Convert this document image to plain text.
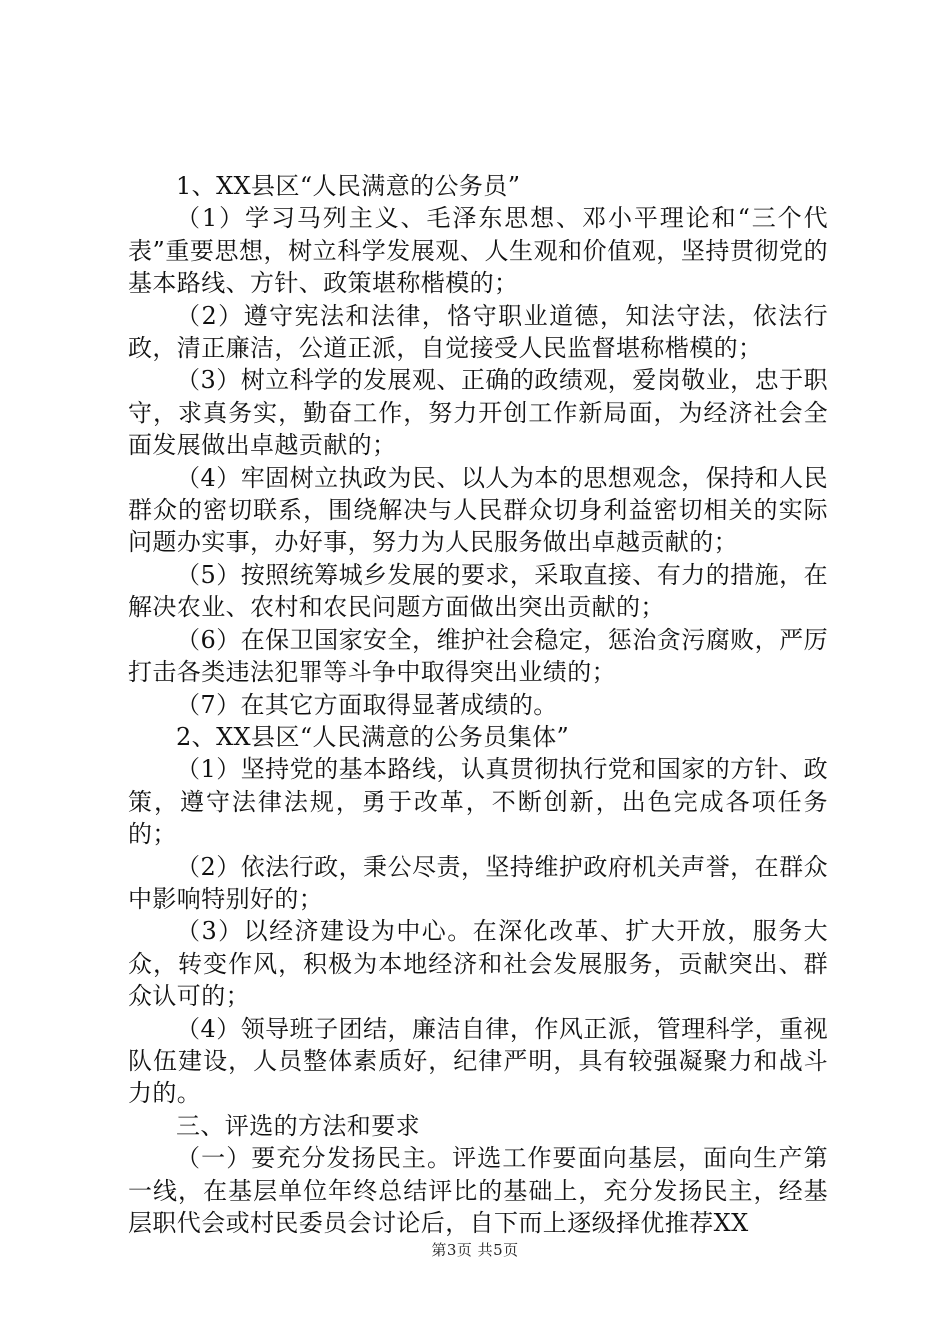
1、XX县区“人民满意的公务员”

（1）学习马列主义、毛泽东思想、邓小平理论和“三个代表”重要思想，树立科学发展观、人生观和价值观，坚持贯彻党的基本路线、方针、政策堪称楷模的；

（2）遵守宪法和法律，恪守职业道德，知法守法，依法行政，清正廉洁，公道正派，自觉接受人民监督堪称楷模的；

（3）树立科学的发展观、正确的政绩观，爱岗敬业，忠于职守，求真务实，勤奋工作，努力开创工作新局面，为经济社会全面发展做出卓越贡献的；

（4）牢固树立执政为民、以人为本的思想观念，保持和人民群众的密切联系，围绕解决与人民群众切身利益密切相关的实际问题办实事，办好事，努力为人民服务做出卓越贡献的；

（5）按照统筹城乡发展的要求，采取直接、有力的措施，在解决农业、农村和农民问题方面做出突出贡献的；

（6）在保卫国家安全，维护社会稳定，惩治贪污腐败，严厉打击各类违法犯罪等斗争中取得突出业绩的；

（7）在其它方面取得显著成绩的。

2、XX县区“人民满意的公务员集体”

（1）坚持党的基本路线，认真贯彻执行党和国家的方针、政策，遵守法律法规，勇于改革，不断创新，出色完成各项任务的；

（2）依法行政，秉公尽责，坚持维护政府机关声誉，在群众中影响特别好的；

（3）以经济建设为中心。在深化改革、扩大开放，服务大众，转变作风，积极为本地经济和社会发展服务，贡献突出、群众认可的；

（4）领导班子团结，廉洁自律，作风正派，管理科学，重视队伍建设，人员整体素质好，纪律严明，具有较强凝聚力和战斗力的。

三、评选的方法和要求

（一）要充分发扬民主。评选工作要面向基层，面向生产第一线，在基层单位年终总结评比的基础上，充分发扬民主，经基层职代会或村民委员会讨论后，自下而上逐级择优推荐XX

第3页 共5页
